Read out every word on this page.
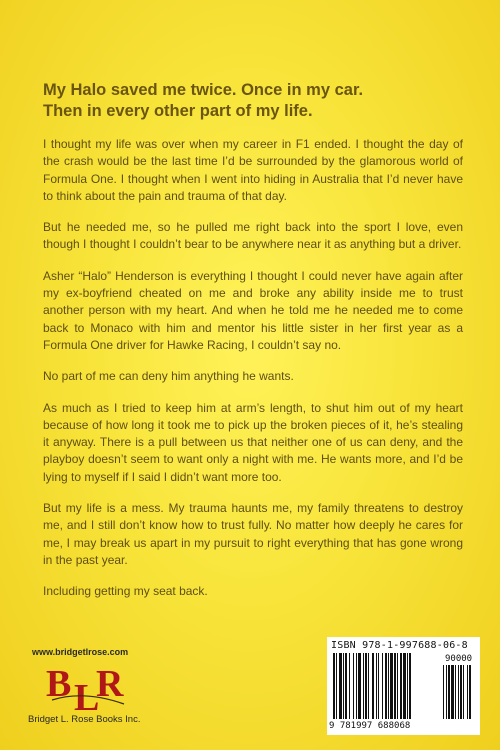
My Halo saved me twice. Once in my car.
Then in every other part of my life.

I thought my life was over when my career in F1 ended. I thought the day of the crash would be the last time I’d be surrounded by the glamorous world of Formula One. I thought when I went into hiding in Australia that I’d never have to think about the pain and trauma of that day.

But he needed me, so he pulled me right back into the sport I love, even though I thought I couldn’t bear to be anywhere near it as anything but a driver.

Asher “Halo” Henderson is everything I thought I could never have again after my ex-boyfriend cheated on me and broke any ability inside me to trust another person with my heart. And when he told me he needed me to come back to Monaco with him and mentor his little sister in her first year as a Formula One driver for Hawke Racing, I couldn’t say no.

No part of me can deny him anything he wants.

As much as I tried to keep him at arm’s length, to shut him out of my heart because of how long it took me to pick up the broken pieces of it, he’s stealing it anyway. There is a pull between us that neither one of us can deny, and the playboy doesn’t seem to want only a night with me. He wants more, and I’d be lying to myself if I said I didn’t want more too.

But my life is a mess. My trauma haunts me, my family threatens to destroy me, and I still don’t know how to trust fully. No matter how deeply he cares for me, I may break us apart in my pursuit to right everything that has gone wrong in the past year.

Including getting my seat back.

www.bridgetlrose.com
B L
R
Bridget L. Rose Books Inc.
ISBN 978-1-997688-06-8
90000
9 781997 688068
